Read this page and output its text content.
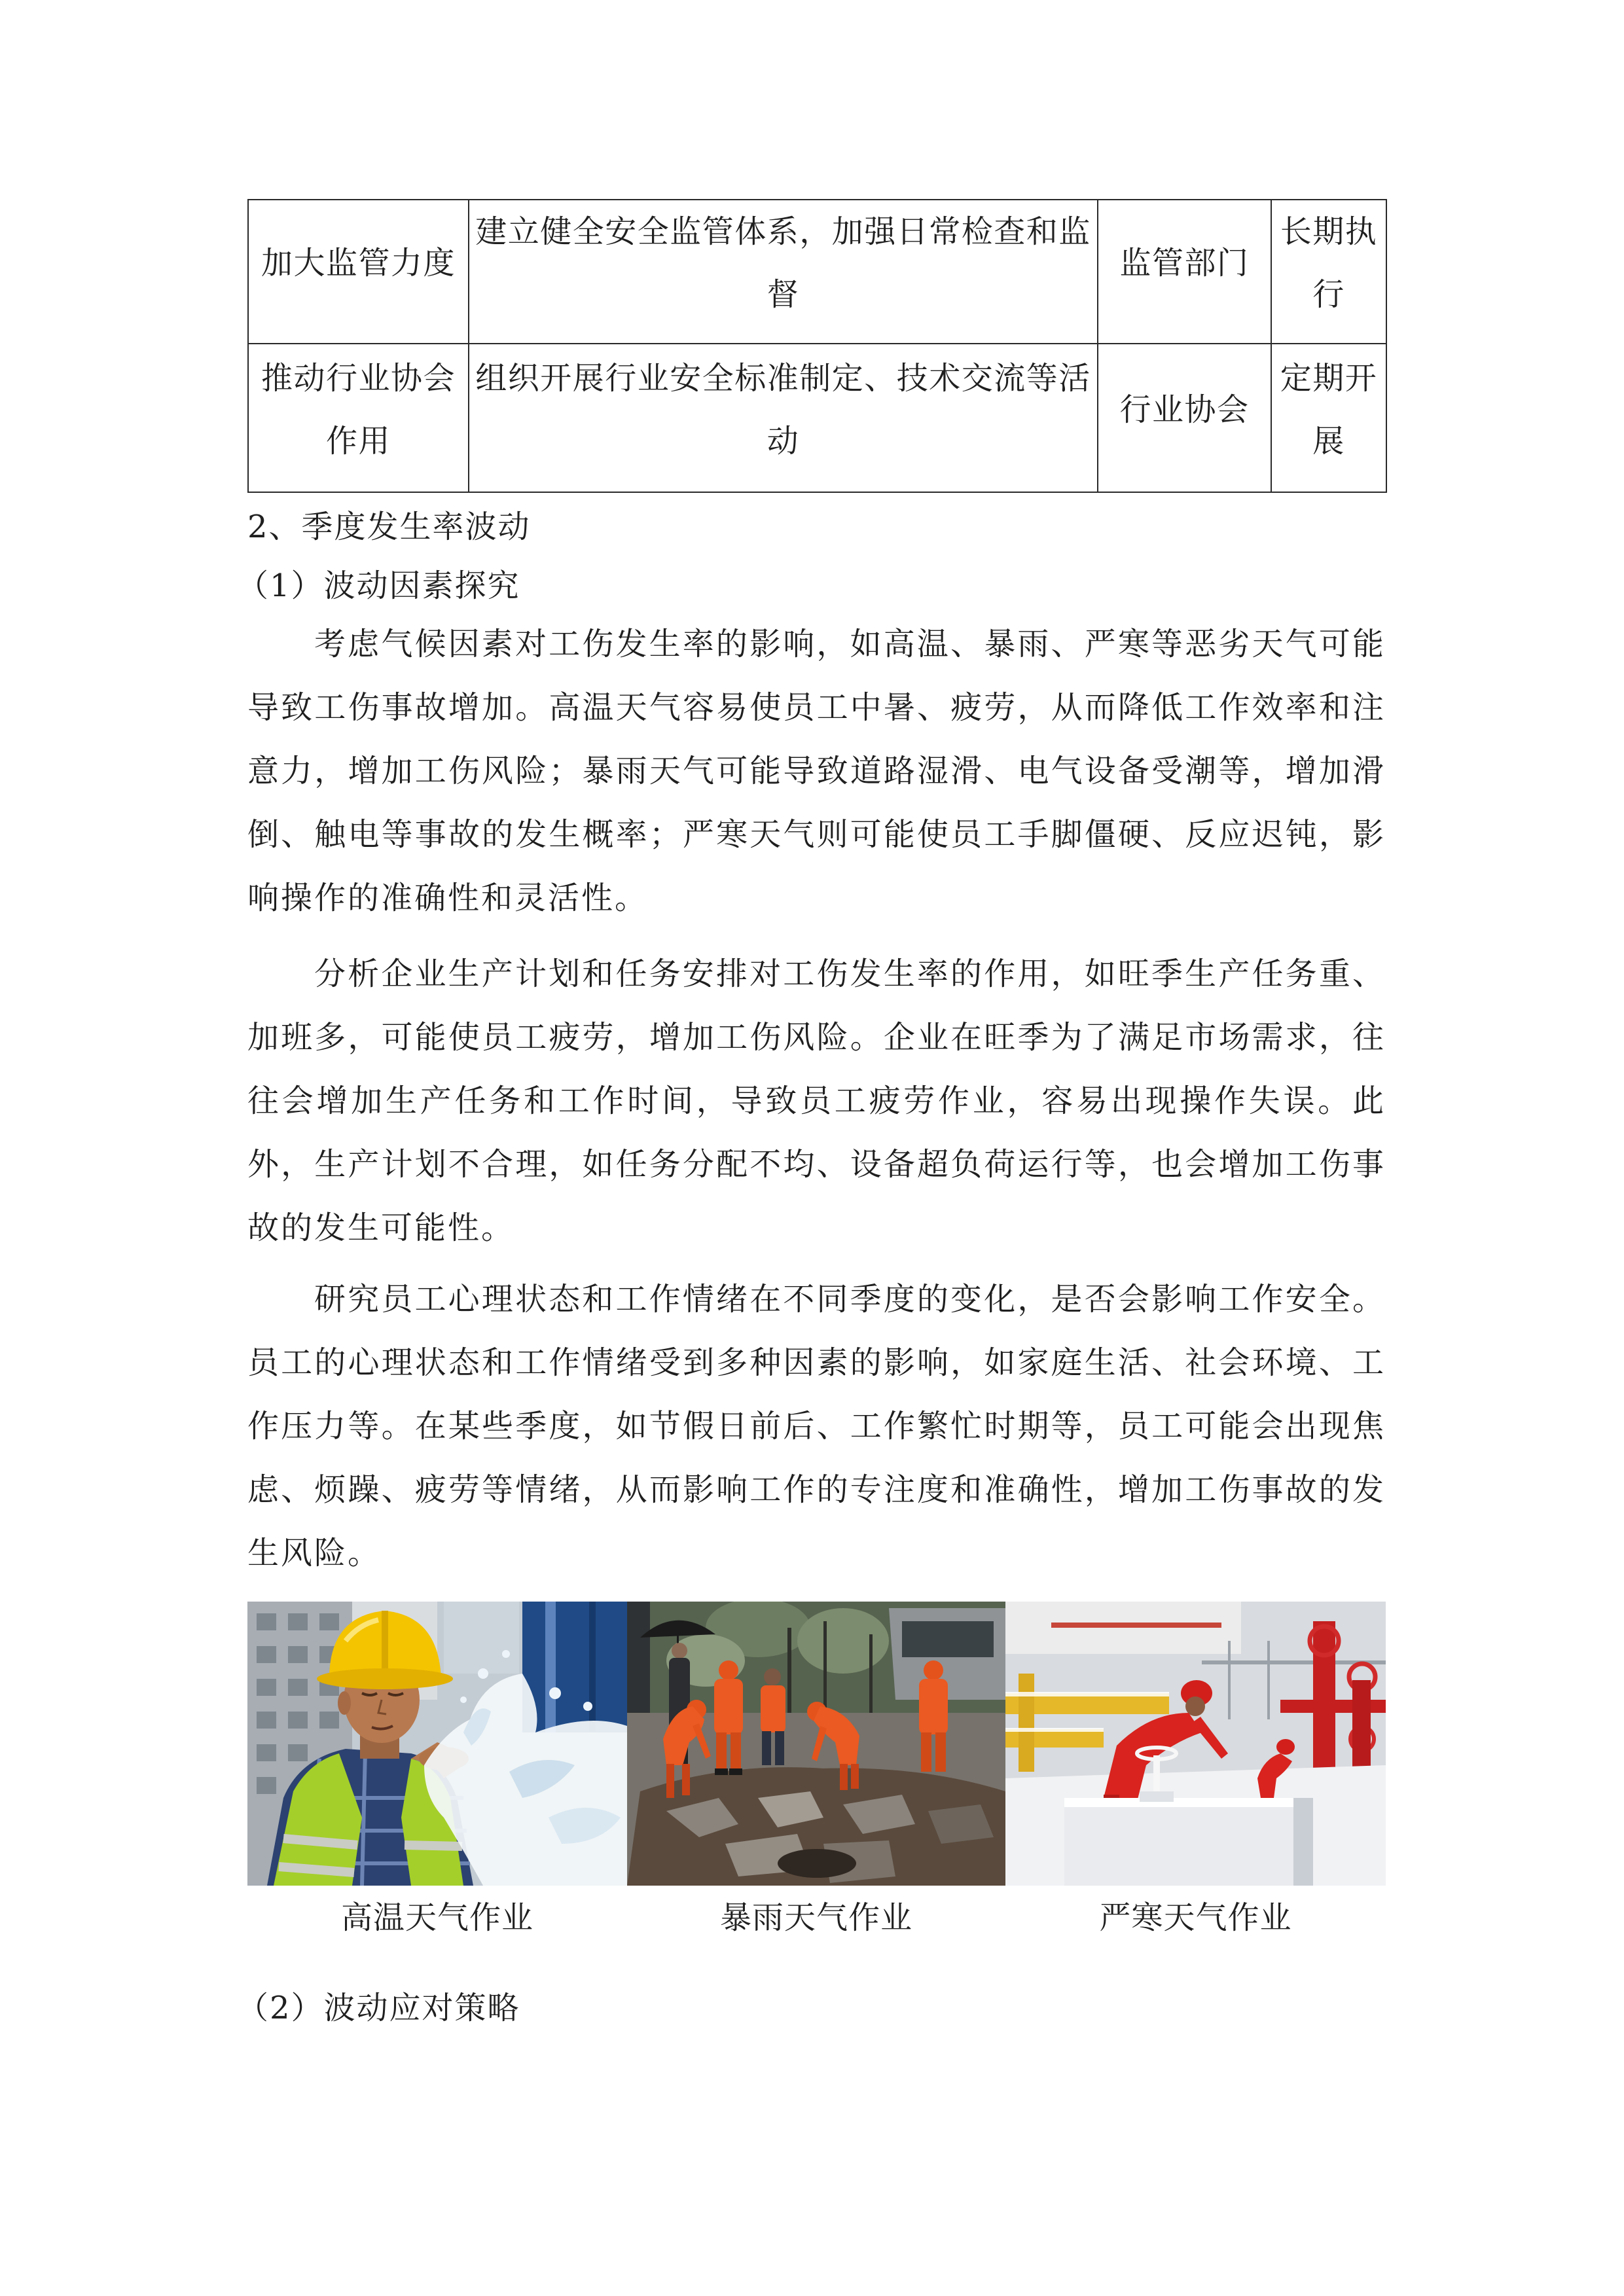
加大监管力度	建立健全安全监管体系，加强日常检查和监督	监管部门	长期执行
推动行业协会作用	组织开展行业安全标准制定、技术交流等活动	行业协会	定期开展
2、季度发生率波动
（1）波动因素探究

考虑气候因素对工伤发生率的影响，如高温、暴雨、严寒等恶劣天气可能导致工伤事故增加。高温天气容易使员工中暑、疲劳，从而降低工作效率和注意力，增加工伤风险；暴雨天气可能导致道路湿滑、电气设备受潮等，增加滑倒、触电等事故的发生概率；严寒天气则可能使员工手脚僵硬、反应迟钝，影响操作的准确性和灵活性。

分析企业生产计划和任务安排对工伤发生率的作用，如旺季生产任务重、加班多，可能使员工疲劳，增加工伤风险。企业在旺季为了满足市场需求，往往会增加生产任务和工作时间，导致员工疲劳作业，容易出现操作失误。此外，生产计划不合理，如任务分配不均、设备超负荷运行等，也会增加工伤事故的发生可能性。

研究员工心理状态和工作情绪在不同季度的变化，是否会影响工作安全。员工的心理状态和工作情绪受到多种因素的影响，如家庭生活、社会环境、工作压力等。在某些季度，如节假日前后、工作繁忙时期等，员工可能会出现焦虑、烦躁、疲劳等情绪，从而影响工作的专注度和准确性，增加工伤事故的发生风险。

高温天气作业	暴雨天气作业	严寒天气作业
（2）波动应对策略
